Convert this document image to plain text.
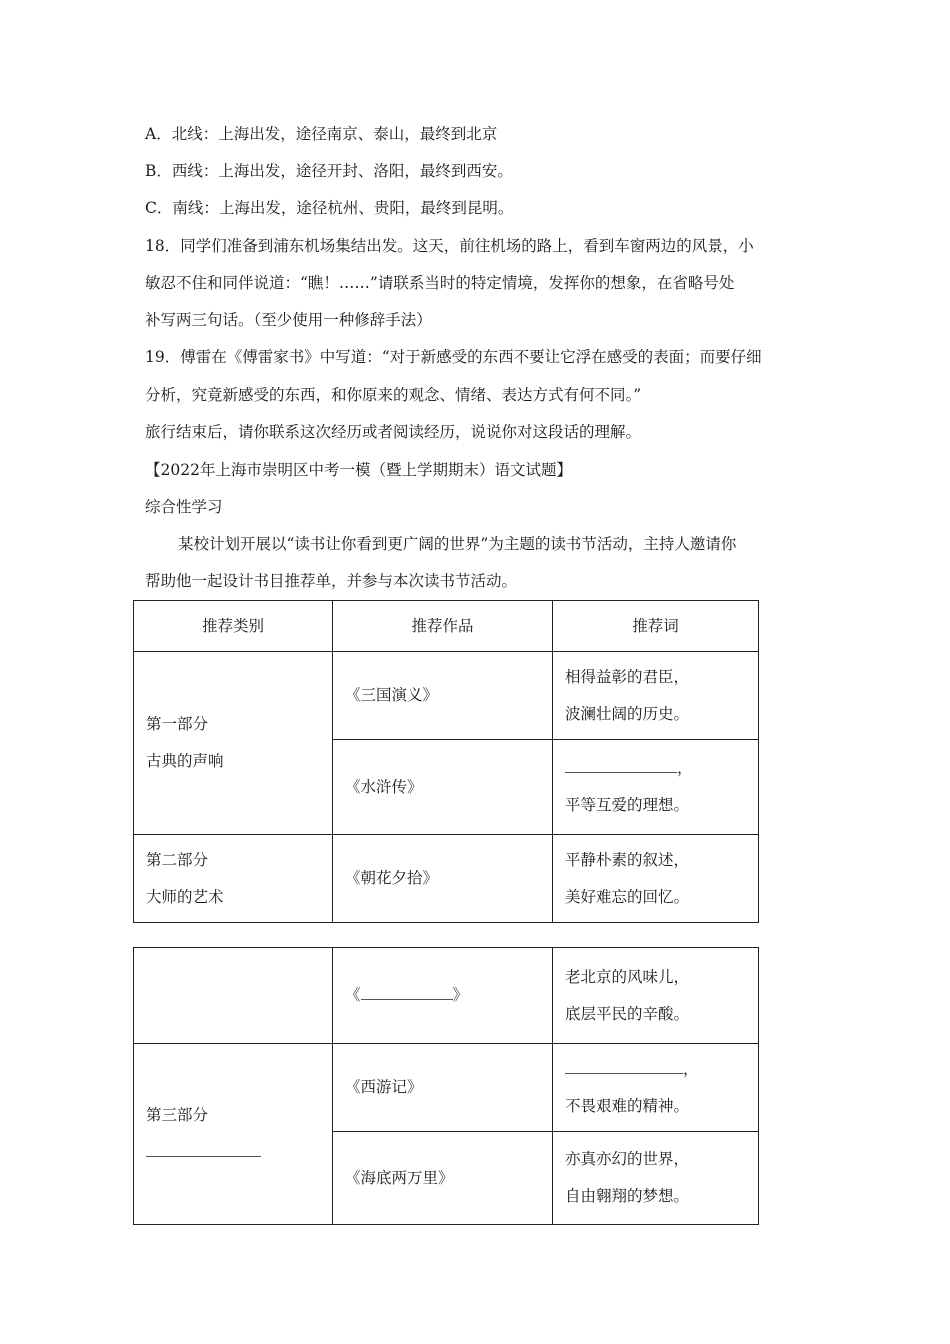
A．北线：上海出发，途径南京、泰山，最终到北京
B．西线：上海出发，途径开封、洛阳，最终到西安。
C．南线：上海出发，途径杭州、贵阳，最终到昆明。
18．同学们准备到浦东机场集结出发。这天，前往机场的路上，看到车窗两边的风景，小
敏忍不住和同伴说道：“瞧！……”请联系当时的特定情境，发挥你的想象，在省略号处
补写两三句话。（至少使用一种修辞手法）
19．傅雷在《傅雷家书》中写道：“对于新感受的东西不要让它浮在感受的表面；而要仔细
分析，究竟新感受的东西，和你原来的观念、情绪、表达方式有何不同。”
旅行结束后，请你联系这次经历或者阅读经历，说说你对这段话的理解。
【2022年上海市崇明区中考一模（暨上学期期末）语文试题】
综合性学习
某校计划开展以“读书让你看到更广阔的世界”为主题的读书节活动，主持人邀请你
帮助他一起设计书目推荐单，并参与本次读书节活动。
推荐类别	推荐作品	推荐词

第一部分
古典的声响	《三国演义》	相得益彰的君臣，
波澜壮阔的历史。

	《水浒传》	，
平等互爱的理想。

第二部分
大师的艺术	《朝花夕拾》	平静朴素的叙述，
美好难忘的回忆。
	《 》	老北京的风味儿，
底层平民的辛酸。

第三部分	《西游记》	，
不畏艰难的精神。

	《海底两万里》	亦真亦幻的世界，
自由翱翔的梦想。
